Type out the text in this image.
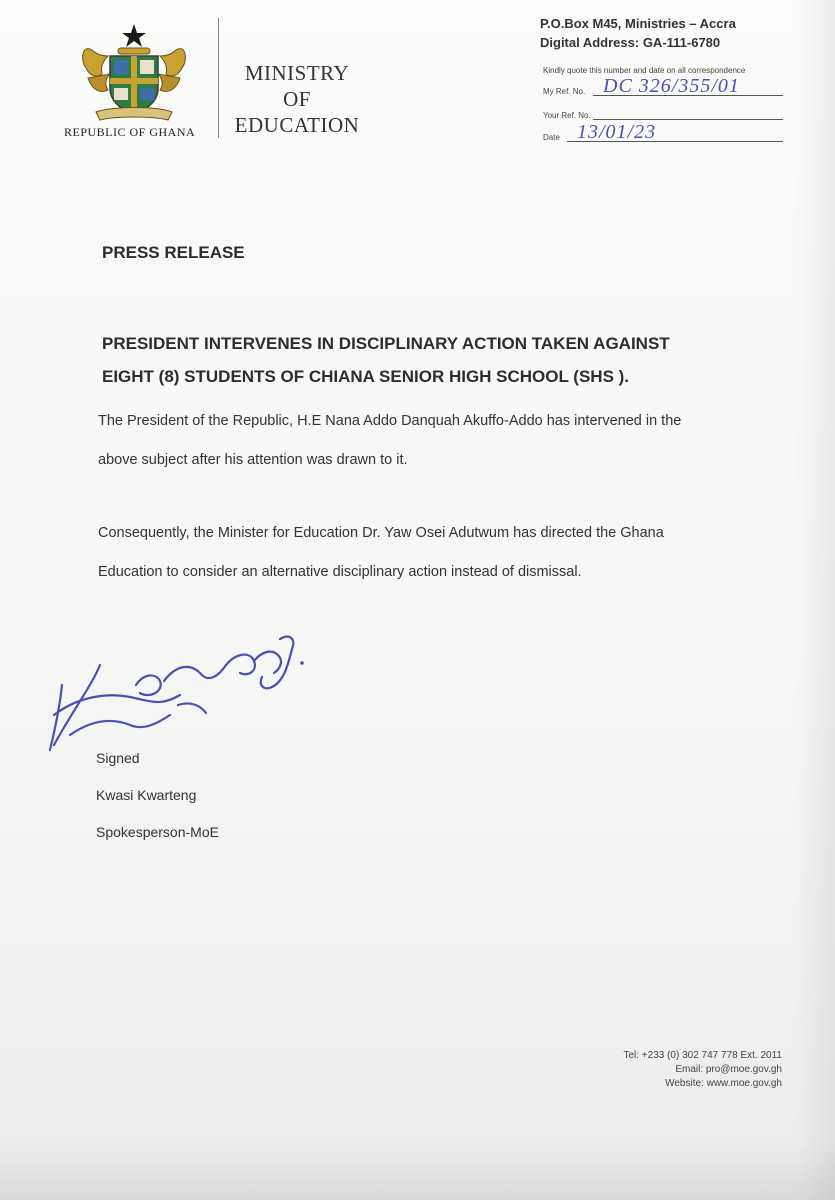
REPUBLIC OF GHANA
MINISTRY
OF
EDUCATION
P.O.Box M45, Ministries – Accra
Digital Address: GA-111-6780
Kindly quote this number and date on all correspondence
My Ref. No. DC 326/355/01
Your Ref. No.
Date 13/01/23
PRESS RELEASE
PRESIDENT INTERVENES IN DISCIPLINARY ACTION TAKEN AGAINST
EIGHT (8) STUDENTS OF CHIANA SENIOR HIGH SCHOOL (SHS ).
The President of the Republic, H.E Nana Addo Danquah Akuffo-Addo has intervened in the
above subject after his attention was drawn to it.
Consequently, the Minister for Education Dr. Yaw Osei Adutwum has directed the Ghana
Education to consider an alternative disciplinary action instead of dismissal.
Signed
Kwasi Kwarteng
Spokesperson-MoE
Tel: +233 (0) 302 747 778 Ext. 2011
Email: pro@moe.gov.gh
Website: www.moe.gov.gh
